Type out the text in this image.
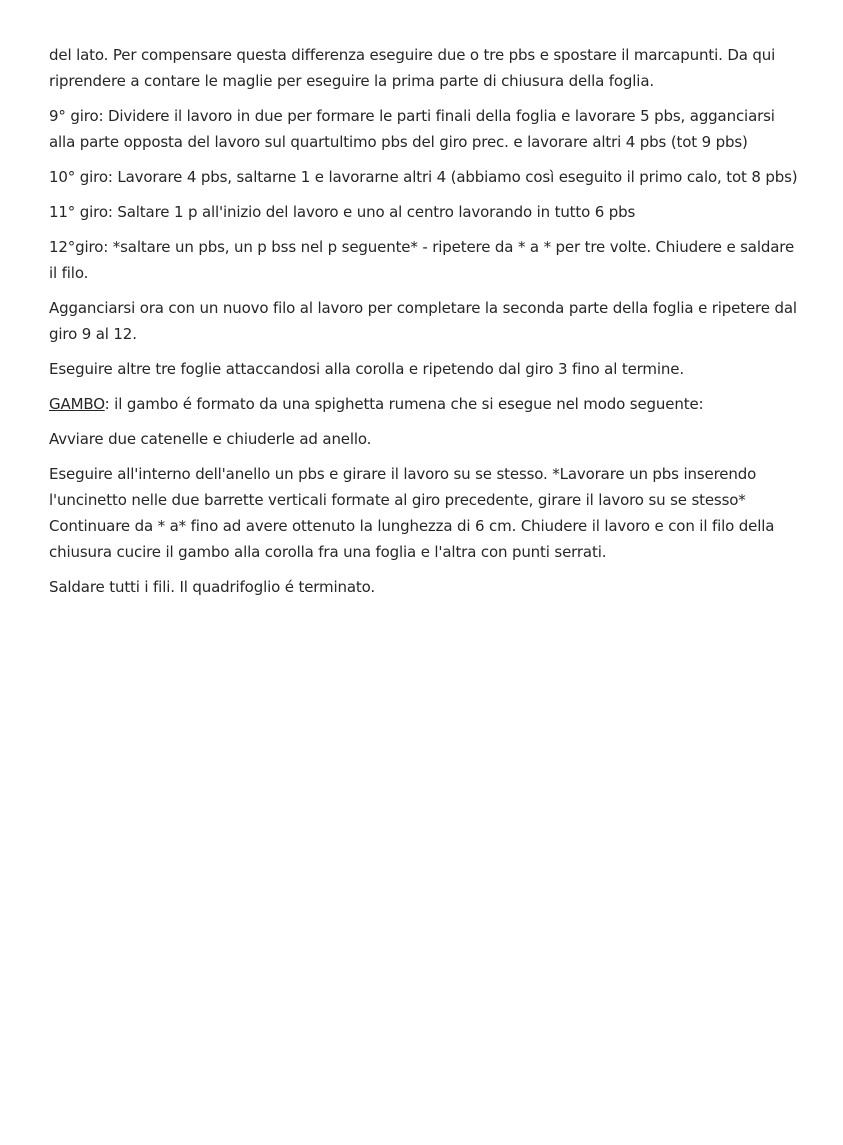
del lato. Per compensare questa differenza eseguire due o tre pbs e spostare il marcapunti. Da qui riprendere a contare le maglie per eseguire la prima parte di chiusura della foglia.

9° giro: Dividere il lavoro in due per formare le parti finali della foglia e lavorare 5 pbs, agganciarsi alla parte opposta del lavoro sul quartultimo pbs del giro prec. e lavorare altri 4 pbs (tot 9 pbs)

10° giro: Lavorare 4 pbs, saltarne 1 e lavorarne altri 4 (abbiamo così eseguito il primo calo, tot 8 pbs)

11° giro: Saltare 1 p all'inizio del lavoro e uno al centro lavorando in tutto 6 pbs

12°giro: *saltare un pbs, un p bss nel p seguente* - ripetere da * a * per tre volte. Chiudere e saldare il filo.

Agganciarsi ora con un nuovo filo al lavoro per completare la seconda parte della foglia e ripetere dal giro 9 al 12.

Eseguire altre tre foglie attaccandosi alla corolla e ripetendo dal giro 3 fino al termine.

GAMBO: il gambo é formato da una spighetta rumena che si esegue nel modo seguente:

Avviare due catenelle e chiuderle ad anello.

Eseguire all'interno dell'anello un pbs e girare il lavoro su se stesso. *Lavorare un pbs inserendo l'uncinetto nelle due barrette verticali formate al giro precedente, girare il lavoro su se stesso* Continuare da * a* fino ad avere ottenuto la lunghezza di 6 cm. Chiudere il lavoro e con il filo della chiusura cucire il gambo alla corolla fra una foglia e l'altra con punti serrati.

Saldare tutti i fili. Il quadrifoglio é terminato.
